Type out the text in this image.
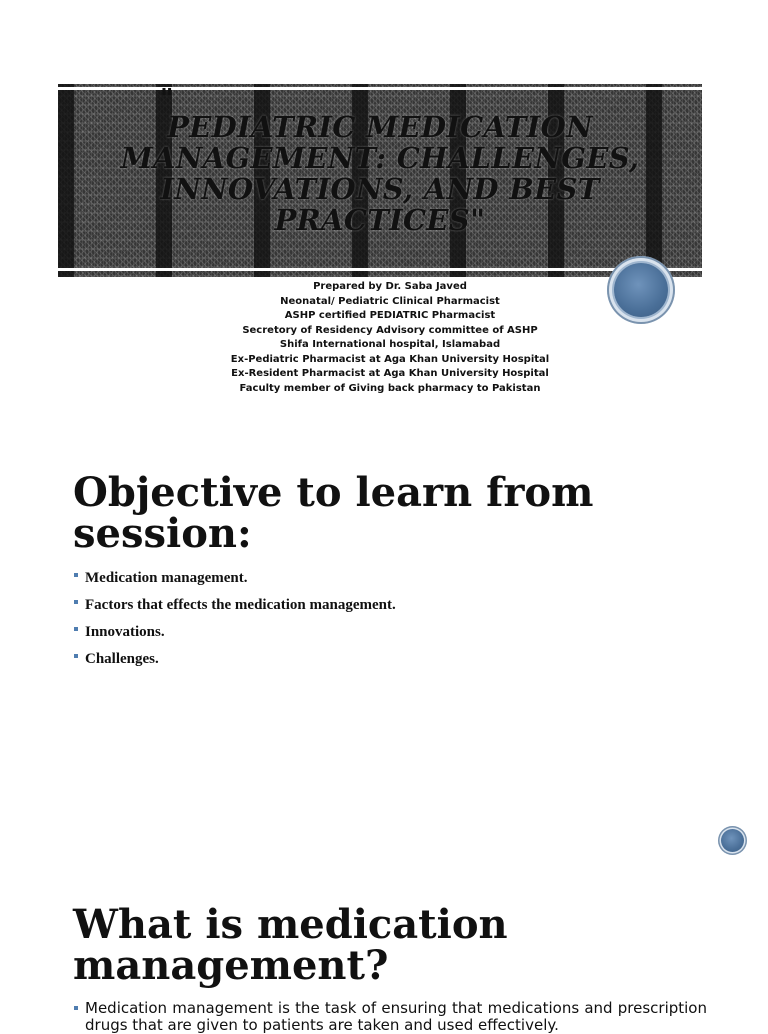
"
PEDIATRIC MEDICATION MANAGEMENT: CHALLENGES, INNOVATIONS, AND BEST PRACTICES"
Prepared by Dr. Saba Javed
Neonatal/ Pediatric Clinical Pharmacist
ASHP certified PEDIATRIC Pharmacist
Secretory of Residency Advisory committee of ASHP
Shifa International hospital, Islamabad
Ex-Pediatric Pharmacist at Aga Khan University Hospital
Ex-Resident Pharmacist at Aga Khan University Hospital
Faculty member of Giving back pharmacy to Pakistan
Objective to learn from session:
Medication management.
Factors that effects the medication management.
Innovations.
Challenges.
What is medication management?

Medication management is the task of ensuring that medications and prescription drugs that are given to patients are taken and used effectively.
